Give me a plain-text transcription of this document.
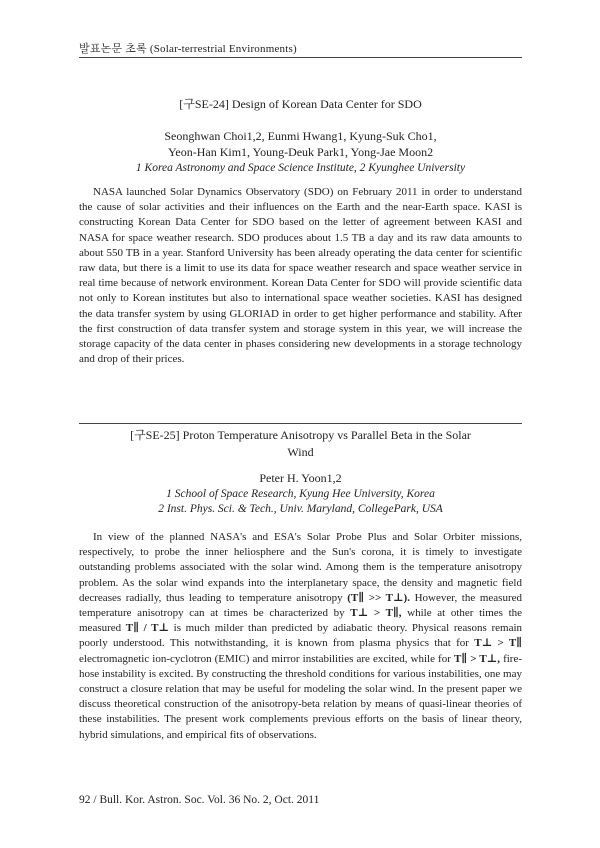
발표논문 초록 (Solar-terrestrial Environments)
[구SE-24] Design of Korean Data Center for SDO
Seonghwan Choi1,2, Eunmi Hwang1, Kyung-Suk Cho1,
Yeon-Han Kim1, Young-Deuk Park1, Yong-Jae Moon2
1 Korea Astronomy and Space Science Institute, 2 Kyunghee University

NASA launched Solar Dynamics Observatory (SDO) on February 2011 in order to understand the cause of solar activities and their influences on the Earth and the near-Earth space. KASI is constructing Korean Data Center for SDO based on the letter of agreement between KASI and NASA for space weather research. SDO produces about 1.5 TB a day and its raw data amounts to about 550 TB in a year. Stanford University has been already operating the data center for scientific raw data, but there is a limit to use its data for space weather research and space weather service in real time because of network environment. Korean Data Center for SDO will provide scientific data not only to Korean institutes but also to international space weather societies. KASI has designed the data transfer system by using GLORIAD in order to get higher performance and stability. After the first construction of data transfer system and storage system in this year, we will increase the storage capacity of the data center in phases considering new developments in a storage technology and drop of their prices.

[구SE-25] Proton Temperature Anisotropy vs Parallel Beta in the Solar
Wind
Peter H. Yoon1,2
1 School of Space Research, Kyung Hee University, Korea
2 Inst. Phys. Sci. & Tech., Univ. Maryland, CollegePark, USA

In view of the planned NASA's and ESA's Solar Probe Plus and Solar Orbiter missions, respectively, to probe the inner heliosphere and the Sun's corona, it is timely to investigate outstanding problems associated with the solar wind. Among them is the temperature anisotropy problem. As the solar wind expands into the interplanetary space, the density and magnetic field decreases radially, thus leading to temperature anisotropy (T∥ >> T⊥). However, the measured temperature anisotropy can at times be characterized by T⊥ > T∥, while at other times the measured T∥ / T⊥ is much milder than predicted by adiabatic theory. Physical reasons remain poorly understood. This notwithstanding, it is known from plasma physics that for T⊥ > T∥ electromagnetic ion-cyclotron (EMIC) and mirror instabilities are excited, while for T∥ > T⊥, fire-hose instability is excited. By constructing the threshold conditions for various instabilities, one may construct a closure relation that may be useful for modeling the solar wind. In the present paper we discuss theoretical construction of the anisotropy-beta relation by means of quasi-linear theories of these instabilities. The present work complements previous efforts on the basis of linear theory, hybrid simulations, and empirical fits of observations.

92 / Bull. Kor. Astron. Soc. Vol. 36 No. 2, Oct. 2011
